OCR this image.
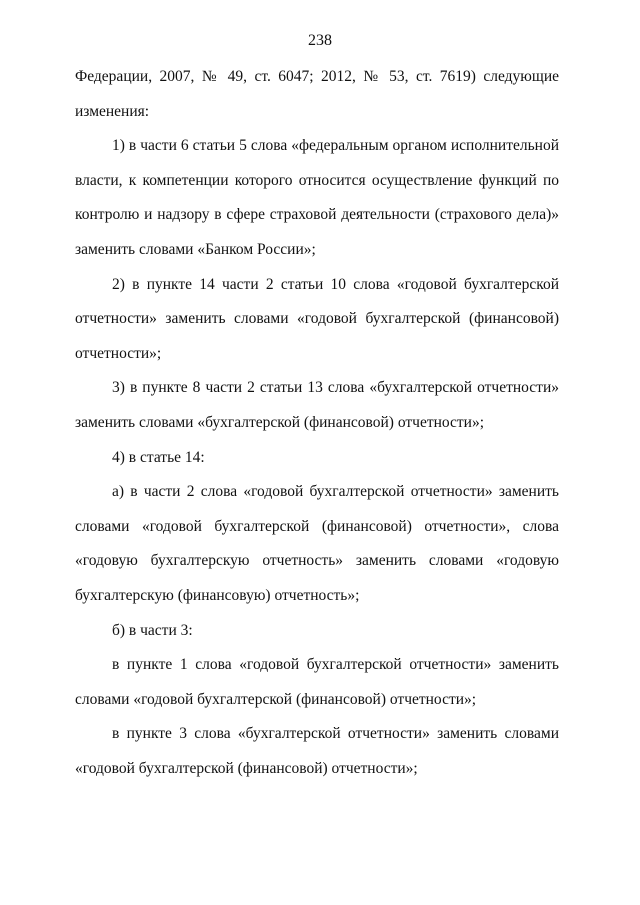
238

Федерации, 2007, № 49, ст. 6047; 2012, № 53, ст. 7619) следующие изменения:

1) в части 6 статьи 5 слова «федеральным органом исполнительной власти, к компетенции которого относится осуществление функций по контролю и надзору в сфере страховой деятельности (страхового дела)» заменить словами «Банком России»;

2) в пункте 14 части 2 статьи 10 слова «годовой бухгалтерской отчетности» заменить словами «годовой бухгалтерской (финансовой) отчетности»;

3) в пункте 8 части 2 статьи 13 слова «бухгалтерской отчетности» заменить словами «бухгалтерской (финансовой) отчетности»;

4) в статье 14:

а) в части 2 слова «годовой бухгалтерской отчетности» заменить словами «годовой бухгалтерской (финансовой) отчетности», слова «годовую бухгалтерскую отчетность» заменить словами «годовую бухгалтерскую (финансовую) отчетность»;

б) в части 3:

в пункте 1 слова «годовой бухгалтерской отчетности» заменить словами «годовой бухгалтерской (финансовой) отчетности»;

в пункте 3 слова «бухгалтерской отчетности» заменить словами «годовой бухгалтерской (финансовой) отчетности»;
